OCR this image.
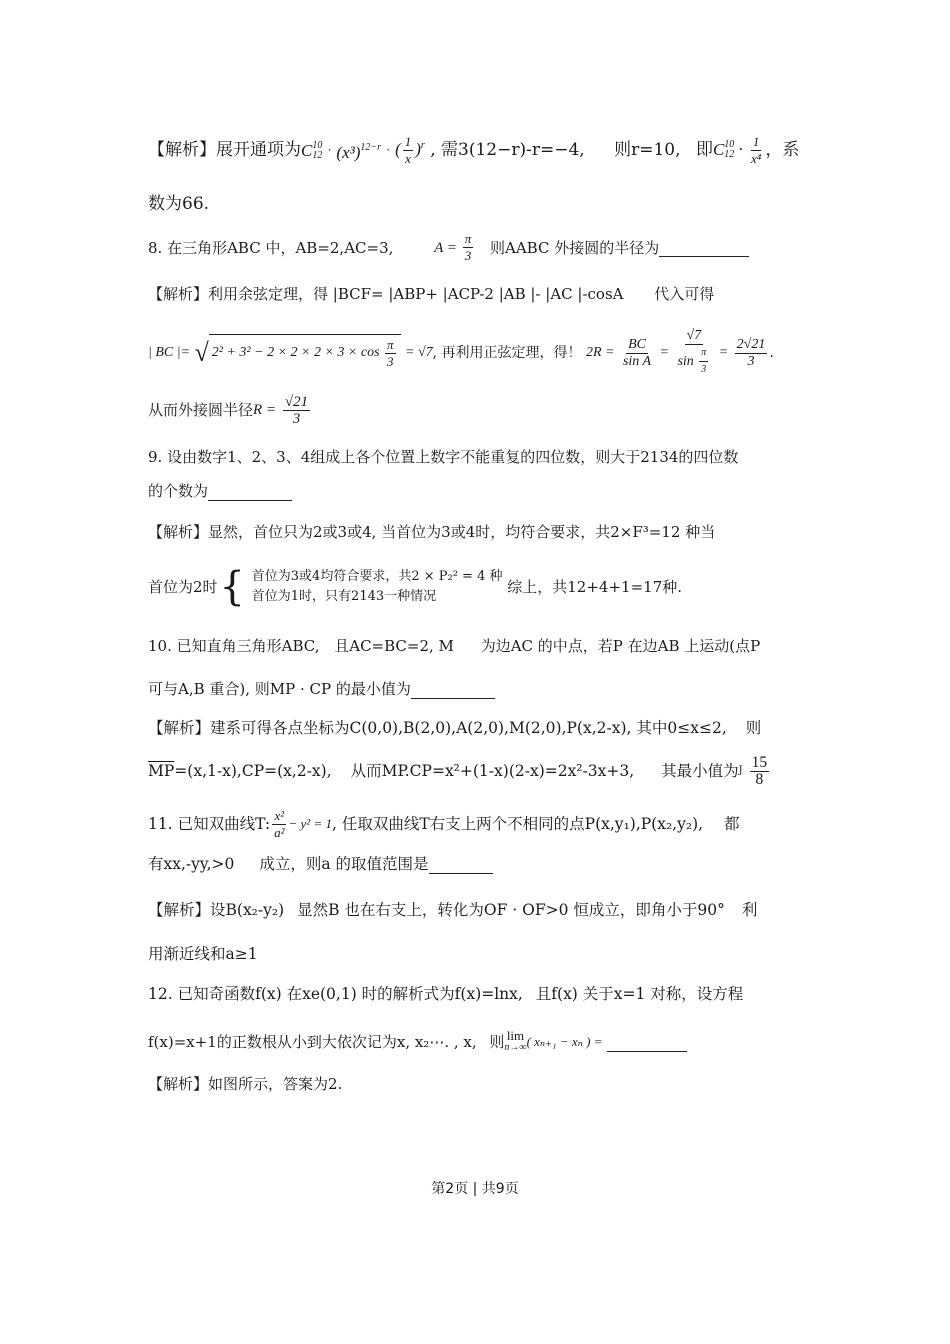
【解析】展开通项为C 10
$12 \cdot (x^3)^{12-r}$ · ( $\frac{1}{x} )^r$ , 需3(12−r)-r=−4, 则r=10, 即C 10
$12 \cdot \frac{1}{\text{x⁴}}$ ，系
数为66.
8. 在三角形ABC 中，AB=2,AC=3,	$A = \frac{\pi}{3}$ 则AABC 外接圆的半径为
【解析】利用余弦定理，得 |BCF= |ABP+ |ACP-2 |AB |- |AC |-cosA 代入可得
| BC |= √ $2^2 + 3^2 - 2 \times 2 \times 2 \times 3 \times \cos \frac{\pi}{3} = √7$, 再利用正弦定理，得！ $2R = \frac{BC}{\text{sin A}} = \frac{√7}{\sin \frac{\pi}{3}} = \frac{2√21}{3}$ .
从而外接圆半径$R = \frac{√21}{3}$
9. 设由数字1、2、3、4组成上各个位置上数字不能重复的四位数，则大于2134的四位数
的个数为
【解析】显然，首位只为2或3或4, 当首位为3或4时，均符合要求，共2×F³=12 种当
首位为2时{ 首位为3或4均符合要求，共2 × P₂² = 4 种
首位为1时，只有2143一种情况
综上，共12+4+1=17种.
10. 已知直角三角形ABC, 且AC=BC=2, M 为边AC 的中点，若P 在边AB 上运动(点P
可与A,B 重合), 则MP · CP 的最小值为
【解析】建系可得各点坐标为C(0,0),B(2,0),A(2,0),M(2,0),P(x,2-x), 其中0≤x≤2, 则
$\overline{MP}=(x,1-x),CP=(x,2-x)$, 从而MP.CP=x²+(1-x)(2-x)=2x²-3x+3, 其最小值为J $\frac{15}{8}$
11. 已知双曲线T: $\frac{\text{x²}}{\text{a²}} - y^2 = 1$, 任取双曲线T右支上两个不相同的点P(x,y₁),P(x₂,y₂), 都
有xx,-yy,>0 成立，则a 的取值范围是
【解析】设B(x₂-y₂) 显然B 也在右支上，转化为OF · OF>0 恒成立，即角小于90° 利
用渐近线和a≥1
12. 已知奇函数f(x) 在xe(0,1) 时的解析式为f(x)=lnx, 且f(x) 关于x=1 对称，设方程
f(x)=x+1的正数根从小到大依次记为x, x₂⋯. , x, 则 lim
n→∞ ( xₙ₊₁ − xₙ ) =
【解析】如图所示，答案为2.
第2页 | 共9页
